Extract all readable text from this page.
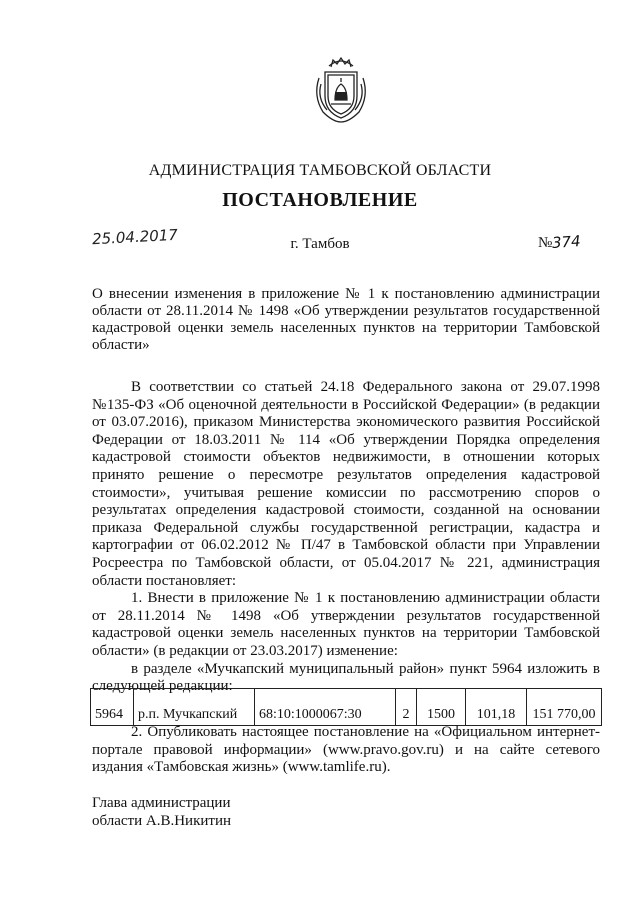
АДМИНИСТРАЦИЯ ТАМБОВСКОЙ ОБЛАСТИ
ПОСТАНОВЛЕНИЕ
25.04.2017	г. Тамбов	№374
О внесении изменения в приложение № 1 к постановлению администрации области от 28.11.2014 № 1498 «Об утверждении результатов государственной кадастровой оценки земель населенных пунктов на территории Тамбовской области»

В соответствии со статьей 24.18 Федерального закона от 29.07.1998 №135-ФЗ «Об оценочной деятельности в Российской Федерации» (в редакции от 03.07.2016), приказом Министерства экономического развития Российской Федерации от 18.03.2011 № 114 «Об утверждении Порядка определения кадастровой стоимости объектов недвижимости, в отношении которых принято решение о пересмотре результатов определения кадастровой стоимости», учитывая решение комиссии по рассмотрению споров о результатах определения кадастровой стоимости, созданной на основании приказа Федеральной службы государственной регистрации, кадастра и картографии от 06.02.2012 № П/47 в Тамбовской области при Управлении Росреестра по Тамбовской области, от 05.04.2017 № 221, администрация области постановляет:

1. Внести в приложение № 1 к постановлению администрации области от 28.11.2014 № 1498 «Об утверждении результатов государственной кадастровой оценки земель населенных пунктов на территории Тамбовской области» (в редакции от 23.03.2017) изменение:

в разделе «Мучкапский муниципальный район» пункт 5964 изложить в следующей редакции:

5964	р.п. Мучкапский	68:10:1000067:30	2	1500	101,18	151 770,00

2. Опубликовать настоящее постановление на «Официальном интернет-портале правовой информации» (www.pravo.gov.ru) и на сайте сетевого издания «Тамбовская жизнь» (www.tamlife.ru).

Глава администрации
области А.В.Никитин
